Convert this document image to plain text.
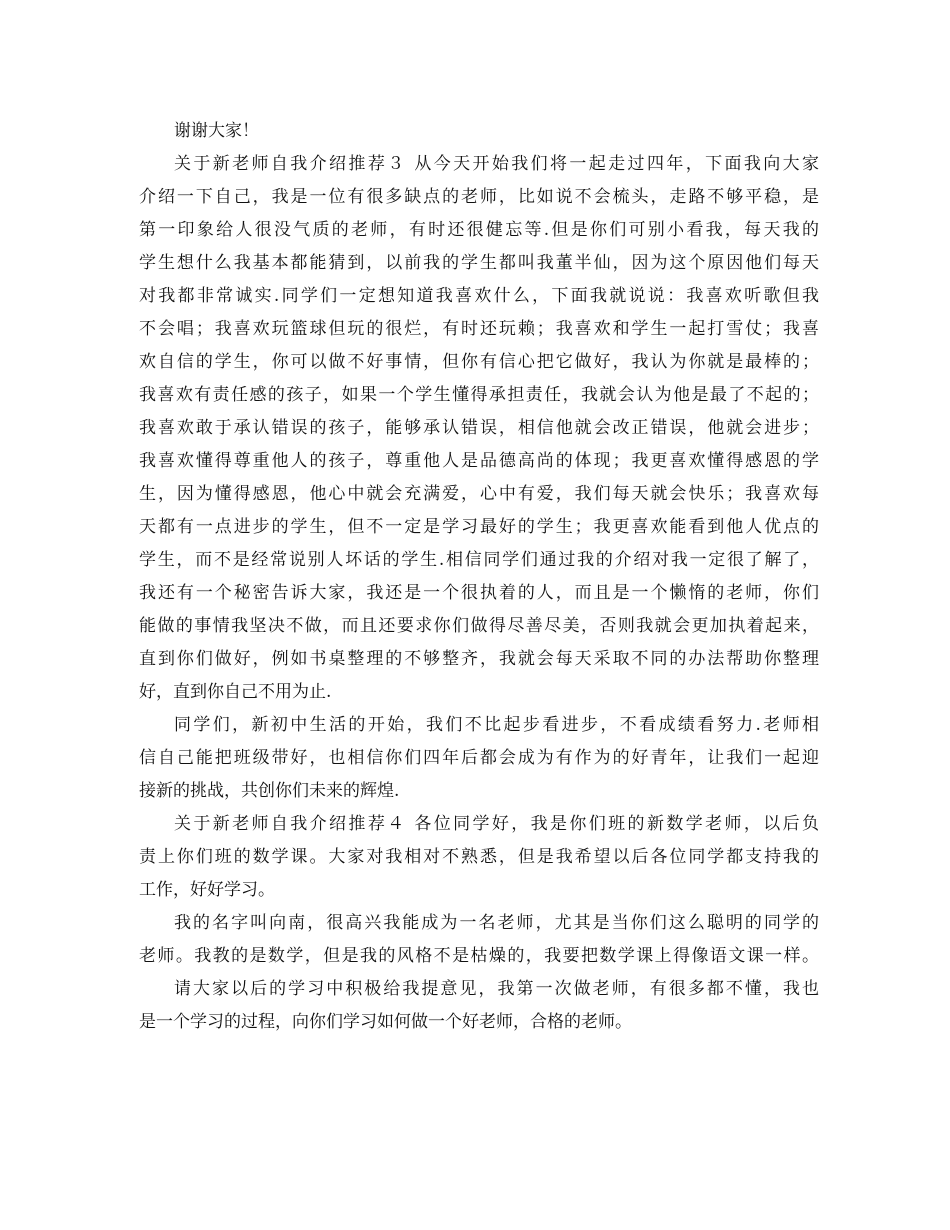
谢谢大家！

关于新老师自我介绍推荐３ 从今天开始我们将一起走过四年，下面我向大家

介绍一下自己，我是一位有很多缺点的老师，比如说不会梳头，走路不够平稳，是

第一印象给人很没气质的老师，有时还很健忘等.但是你们可别小看我，每天我的

学生想什么我基本都能猜到，以前我的学生都叫我董半仙，因为这个原因他们每天

对我都非常诚实.同学们一定想知道我喜欢什么，下面我就说说：我喜欢听歌但我

不会唱；我喜欢玩篮球但玩的很烂，有时还玩赖；我喜欢和学生一起打雪仗；我喜

欢自信的学生，你可以做不好事情，但你有信心把它做好，我认为你就是最棒的；

我喜欢有责任感的孩子，如果一个学生懂得承担责任，我就会认为他是最了不起的；

我喜欢敢于承认错误的孩子，能够承认错误，相信他就会改正错误，他就会进步；

我喜欢懂得尊重他人的孩子，尊重他人是品德高尚的体现；我更喜欢懂得感恩的学

生，因为懂得感恩，他心中就会充满爱，心中有爱，我们每天就会快乐；我喜欢每

天都有一点进步的学生，但不一定是学习最好的学生；我更喜欢能看到他人优点的

学生，而不是经常说别人坏话的学生.相信同学们通过我的介绍对我一定很了解了，

我还有一个秘密告诉大家，我还是一个很执着的人，而且是一个懒惰的老师，你们

能做的事情我坚决不做，而且还要求你们做得尽善尽美，否则我就会更加执着起来，

直到你们做好，例如书桌整理的不够整齐，我就会每天采取不同的办法帮助你整理

好，直到你自己不用为止.

同学们，新初中生活的开始，我们不比起步看进步，不看成绩看努力.老师相

信自己能把班级带好，也相信你们四年后都会成为有作为的好青年，让我们一起迎

接新的挑战，共创你们未来的辉煌.

关于新老师自我介绍推荐４ 各位同学好，我是你们班的新数学老师，以后负

责上你们班的数学课。大家对我相对不熟悉，但是我希望以后各位同学都支持我的

工作，好好学习。

我的名字叫向南，很高兴我能成为一名老师，尤其是当你们这么聪明的同学的

老师。我教的是数学，但是我的风格不是枯燥的，我要把数学课上得像语文课一样。

请大家以后的学习中积极给我提意见，我第一次做老师，有很多都不懂，我也

是一个学习的过程，向你们学习如何做一个好老师，合格的老师。
